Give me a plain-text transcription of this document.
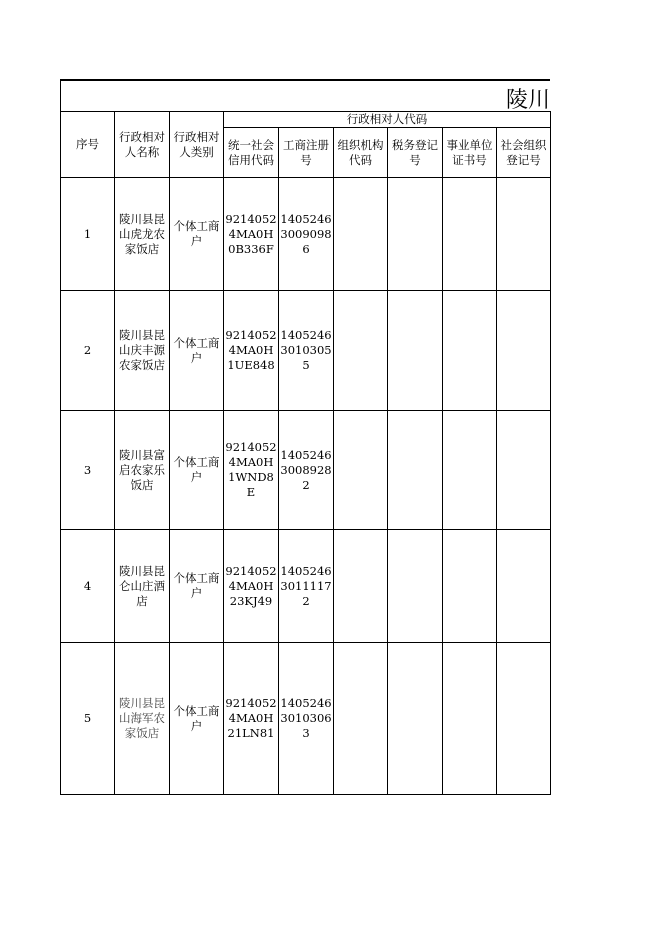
陵川
序号	行政相对人名称	行政相对人类别	行政相对人代码					
			统一社会信用代码	工商注册号	组织机构代码	税务登记号	事业单位证书号	社会组织登记号
1	陵川县昆山虎龙农家饭店	个体工商户	92140524MA0H0B336F	140524630090986				
2	陵川县昆山庆丰源农家饭店	个体工商户	92140524MA0H1UE848	140524630103055				
3	陵川县富启农家乐饭店	个体工商户	92140524MA0H1WND8E	140524630089282				
4	陵川县昆仑山庄酒店	个体工商户	92140524MA0H23KJ49	140524630111172				
5	陵川县昆山海军农家饭店	个体工商户	92140524MA0H21LN81	140524630103063				
